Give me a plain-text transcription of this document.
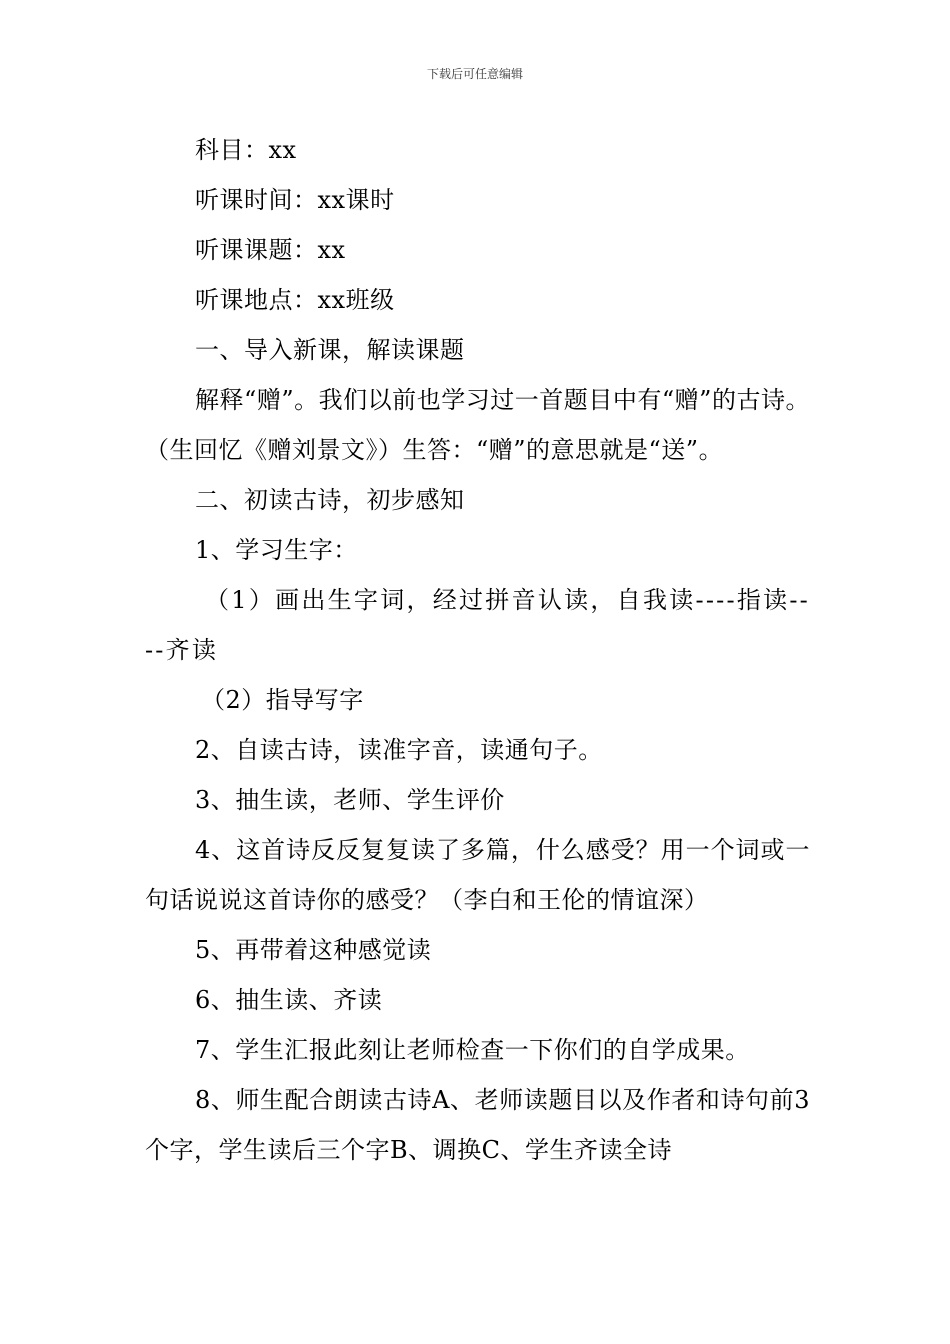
下载后可任意编辑

科目：xx

听课时间：xx课时

听课课题：xx

听课地点：xx班级

一、导入新课，解读课题

解释“赠”。我们以前也学习过一首题目中有“赠”的古诗。（生回忆《赠刘景文》）生答：“赠”的意思就是“送”。

二、初读古诗，初步感知

1、学习生字：

（1）画出生字词，经过拼音认读，自我读----指读----齐读

（2）指导写字

2、自读古诗，读准字音，读通句子。

3、抽生读，老师、学生评价

4、这首诗反反复复读了多篇，什么感受？用一个词或一句话说说这首诗你的感受？（李白和王伦的情谊深）

5、再带着这种感觉读

6、抽生读、齐读

7、学生汇报此刻让老师检查一下你们的自学成果。

8、师生配合朗读古诗A、老师读题目以及作者和诗句前3个字，学生读后三个字B、调换C、学生齐读全诗
